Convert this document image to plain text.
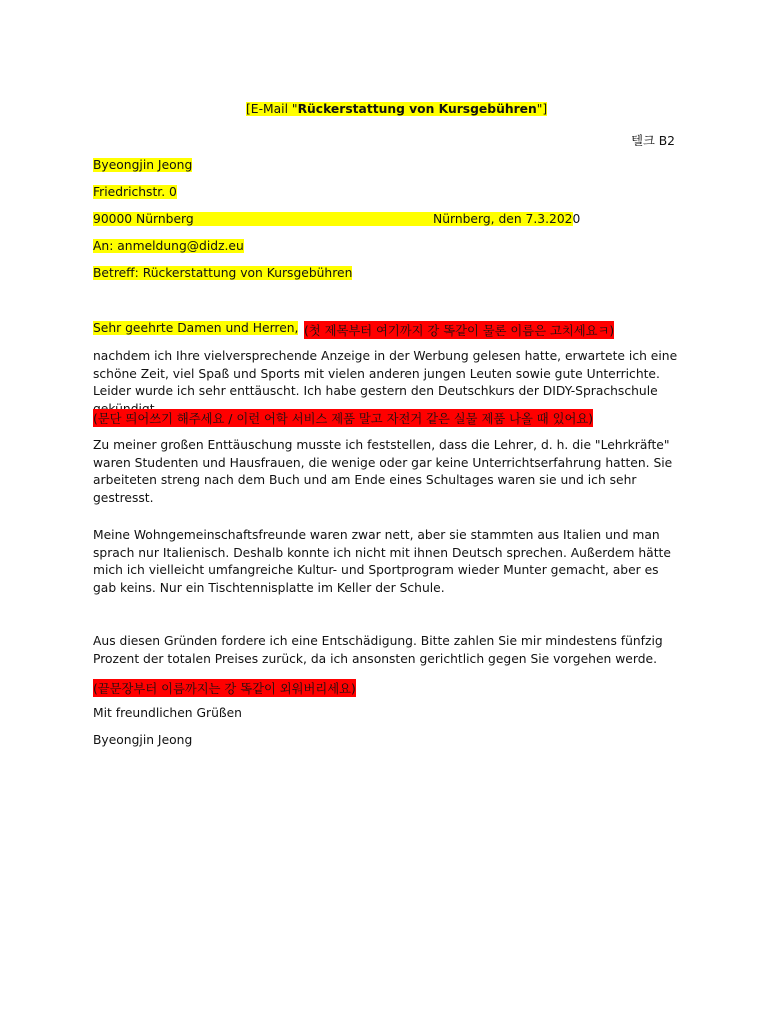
[E-Mail "Rückerstattung von Kursgebühren"]
텔크 B2
Byeongjin Jeong
Friedrichstr. 0
90000 Nürnberg	Nürnberg, den 7.3.2020
An: anmeldung@didz.eu
Betreff: Rückerstattung von Kursgebühren
Sehr geehrte Damen und Herren, (첫 제목부터 여기까지 강 똑같이 물론 이름은 고치세요ㅋ)
nachdem ich Ihre vielversprechende Anzeige in der Werbung gelesen hatte, erwartete ich eine schöne Zeit, viel Spaß und Sports mit vielen anderen jungen Leuten sowie gute Unterrichte. Leider wurde ich sehr enttäuscht. Ich habe gestern den Deutschkurs der DIDY-Sprachschule
(문단 띄어쓰기 해주세요 / 이런 어학 서비스 제품 말고 자전거 같은 실물 제품 나올 때 있어요)
Zu meiner großen Enttäuschung musste ich feststellen, dass die Lehrer, d. h. die "Lehrkräfte" waren Studenten und Hausfrauen, die wenige oder gar keine Unterrichtserfahrung hatten. Sie arbeiteten streng nach dem Buch und am Ende eines Schultages waren sie und ich sehr gestresst.
Meine Wohngemeinschaftsfreunde waren zwar nett, aber sie stammten aus Italien und man sprach nur Italienisch. Deshalb konnte ich nicht mit ihnen Deutsch sprechen. Außerdem hätte mich ich vielleicht umfangreiche Kultur- und Sportprogram wieder Munter gemacht, aber es gab keins. Nur ein Tischtennisplatte im Keller der Schule.
Aus diesen Gründen fordere ich eine Entschädigung. Bitte zahlen Sie mir mindestens fünfzig Prozent der totalen Preises zurück, da ich ansonsten gerichtlich gegen Sie vorgehen werde.
(끝문장부터 이름까지는 강 똑같이 외워버리세요)
Mit freundlichen Grüßen
Byeongjin Jeong
